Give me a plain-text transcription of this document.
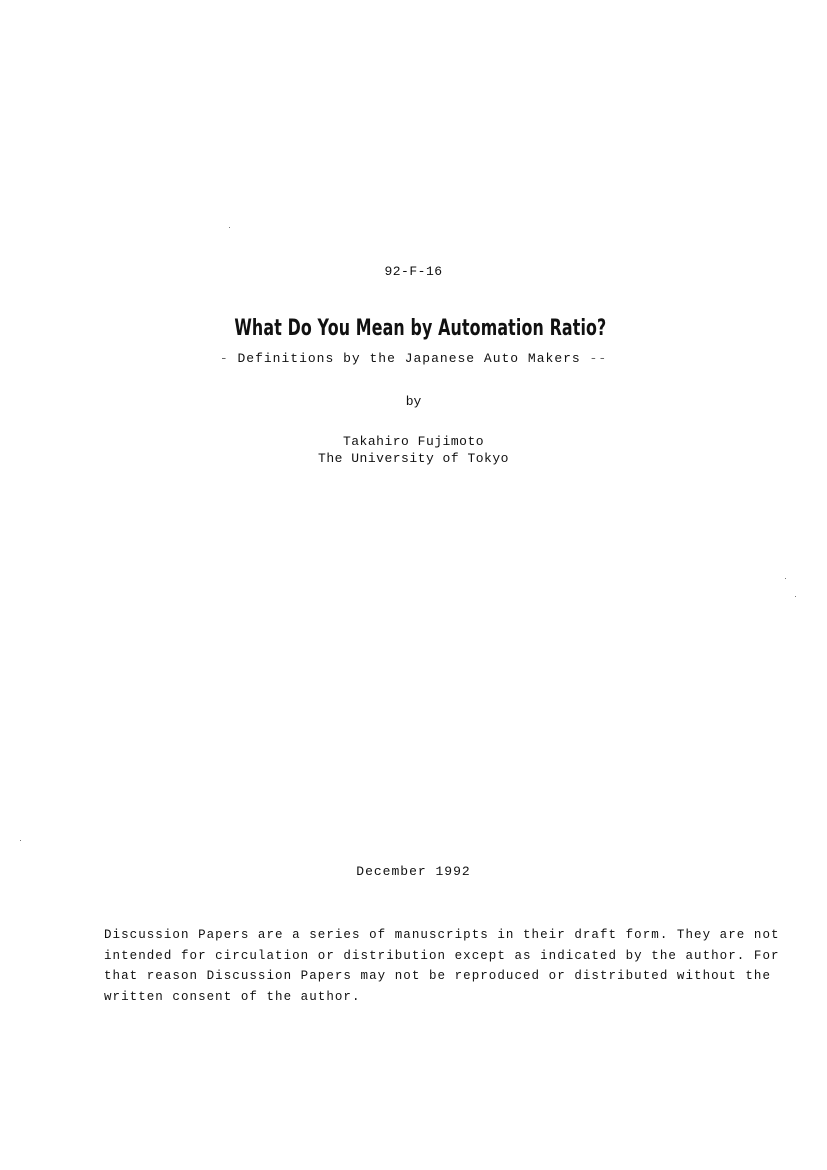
92-F-16
What Do You Mean by Automation Ratio?
- Definitions by the Japanese Auto Makers --
by
Takahiro Fujimoto
The University of Tokyo
December 1992
Discussion Papers are a series of manuscripts in their draft form. They are not
intended for circulation or distribution except as indicated by the author. For
that reason Discussion Papers may not be reproduced or distributed without the
written consent of the author.
